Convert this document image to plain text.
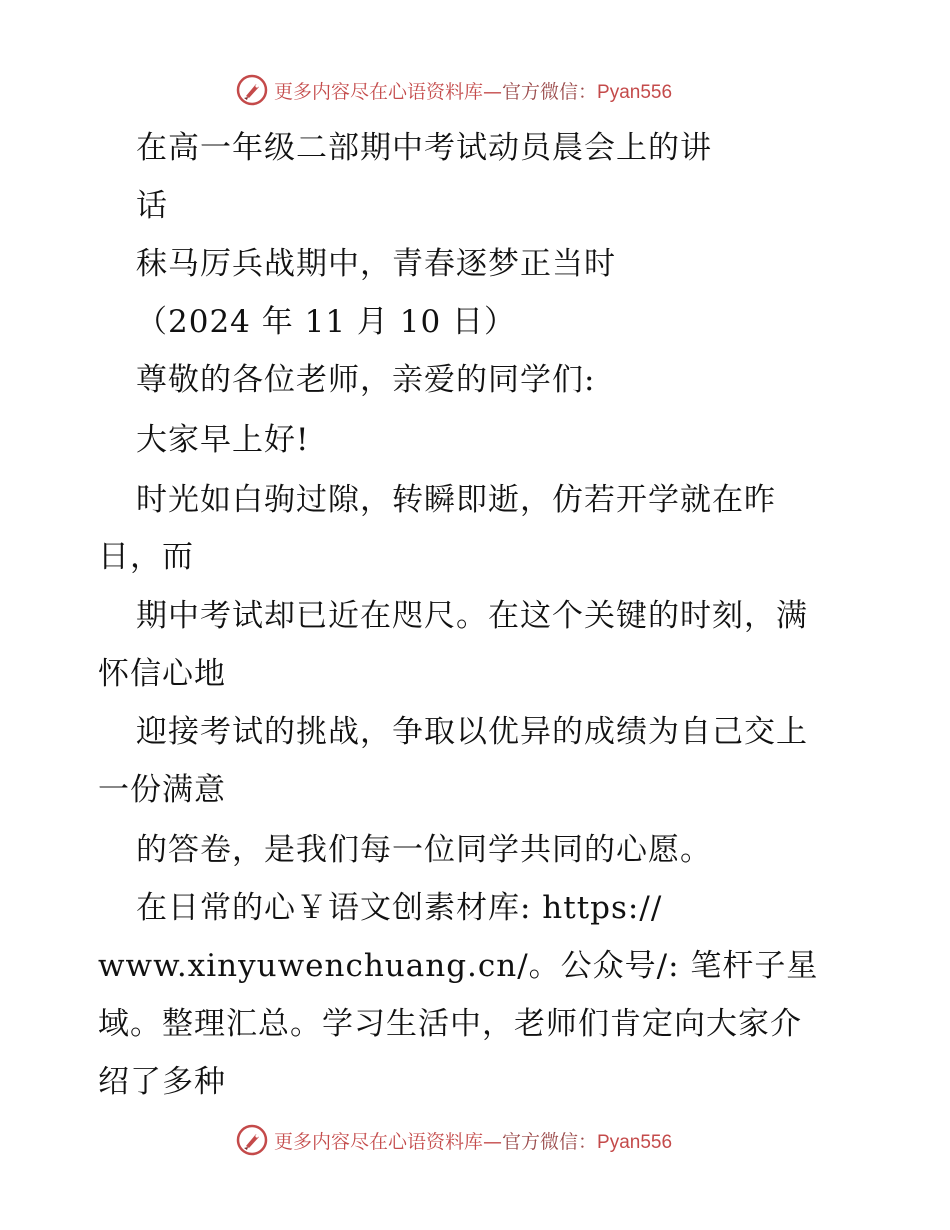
更多内容尽在心语资料库—官方微信：Pyan556
在高一年级二部期中考试动员晨会上的讲
话
秣马厉兵战期中，青春逐梦正当时
（2024 年 11 月 10 日）
尊敬的各位老师，亲爱的同学们:
大家早上好!
时光如白驹过隙，转瞬即逝，仿若开学就在昨
日，而
期中考试却已近在咫尺。在这个关键的时刻，满
怀信心地
迎接考试的挑战，争取以优异的成绩为自己交上
一份满意
的答卷，是我们每一位同学共同的心愿。
在日常的心￥语文创素材库: https://
www.xinyuwenchuang.cn/。公众号/: 笔杆子星
域。整理汇总。学习生活中，老师们肯定向大家介
绍了多种
更多内容尽在心语资料库—官方微信：Pyan556
